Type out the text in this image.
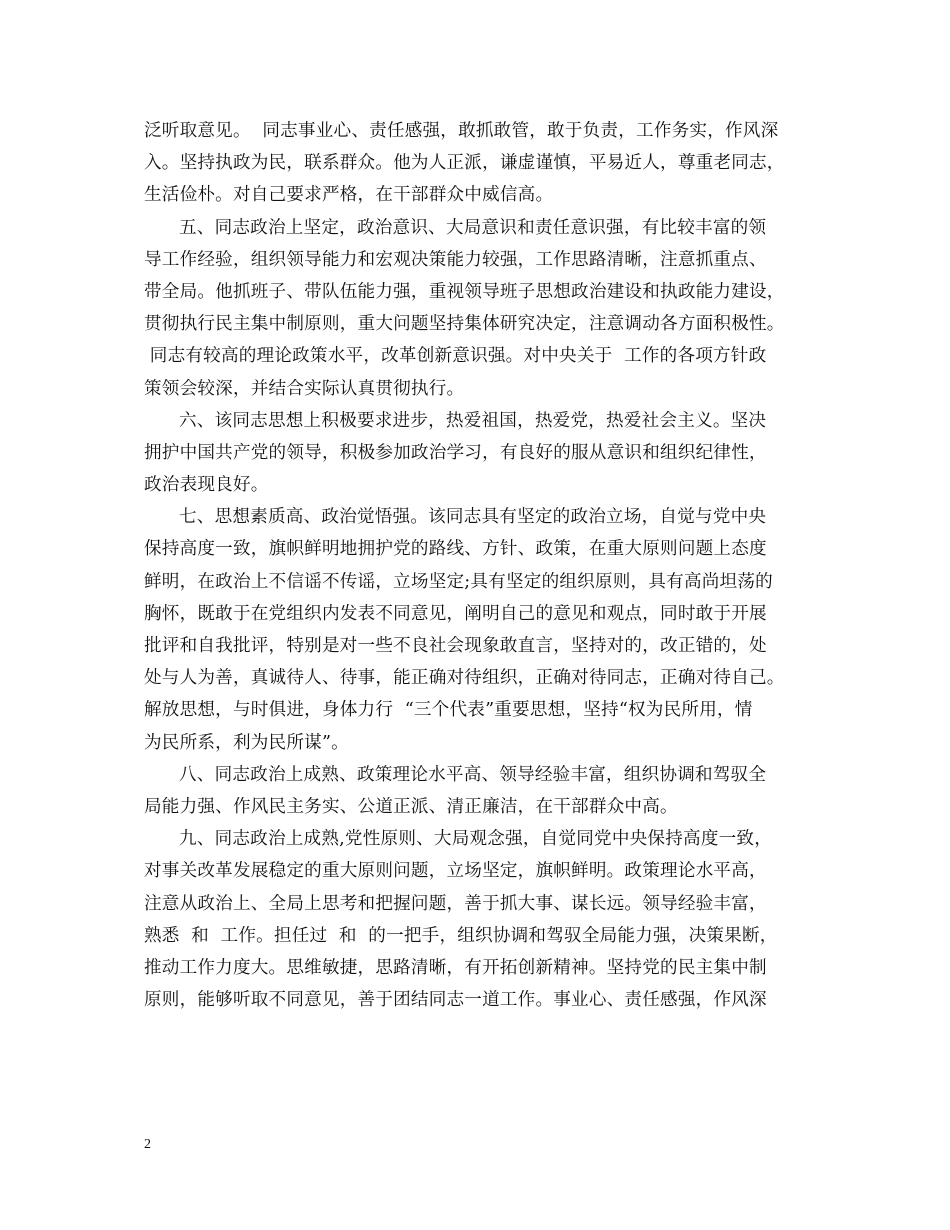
泛听取意见。  同志事业心、责任感强，敢抓敢管，敢于负责，工作务实，作风深
入。坚持执政为民，联系群众。他为人正派，谦虚谨慎，平易近人，尊重老同志，
生活俭朴。对自己要求严格，在干部群众中威信高。
五、同志政治上坚定，政治意识、大局意识和责任意识强，有比较丰富的领
导工作经验，组织领导能力和宏观决策能力较强，工作思路清晰，注意抓重点、
带全局。他抓班子、带队伍能力强，重视领导班子思想政治建设和执政能力建设，
贯彻执行民主集中制原则，重大问题坚持集体研究决定，注意调动各方面积极性。
同志有较高的理论政策水平，改革创新意识强。对中央关于  工作的各项方针政
策领会较深，并结合实际认真贯彻执行。
六、该同志思想上积极要求进步，热爱祖国，热爱党，热爱社会主义。坚决
拥护中国共产党的领导，积极参加政治学习，有良好的服从意识和组织纪律性，
政治表现良好。
七、思想素质高、政治觉悟强。该同志具有坚定的政治立场，自觉与党中央
保持高度一致，旗帜鲜明地拥护党的路线、方针、政策，在重大原则问题上态度
鲜明，在政治上不信谣不传谣，立场坚定;具有坚定的组织原则，具有高尚坦荡的
胸怀，既敢于在党组织内发表不同意见，阐明自己的意见和观点，同时敢于开展
批评和自我批评，特别是对一些不良社会现象敢直言，坚持对的，改正错的，处
处与人为善，真诚待人、待事，能正确对待组织，正确对待同志，正确对待自己。
解放思想，与时俱进，身体力行  “三个代表”重要思想，坚持“权为民所用，情
为民所系，利为民所谋”。
八、同志政治上成熟、政策理论水平高、领导经验丰富，组织协调和驾驭全
局能力强、作风民主务实、公道正派、清正廉洁，在干部群众中高。
九、同志政治上成熟,党性原则、大局观念强，自觉同党中央保持高度一致，
对事关改革发展稳定的重大原则问题，立场坚定，旗帜鲜明。政策理论水平高，
注意从政治上、全局上思考和把握问题，善于抓大事、谋长远。领导经验丰富，
熟悉  和  工作。担任过  和  的一把手，组织协调和驾驭全局能力强，决策果断，
推动工作力度大。思维敏捷，思路清晰，有开拓创新精神。坚持党的民主集中制
原则，能够听取不同意见，善于团结同志一道工作。事业心、责任感强，作风深
2
